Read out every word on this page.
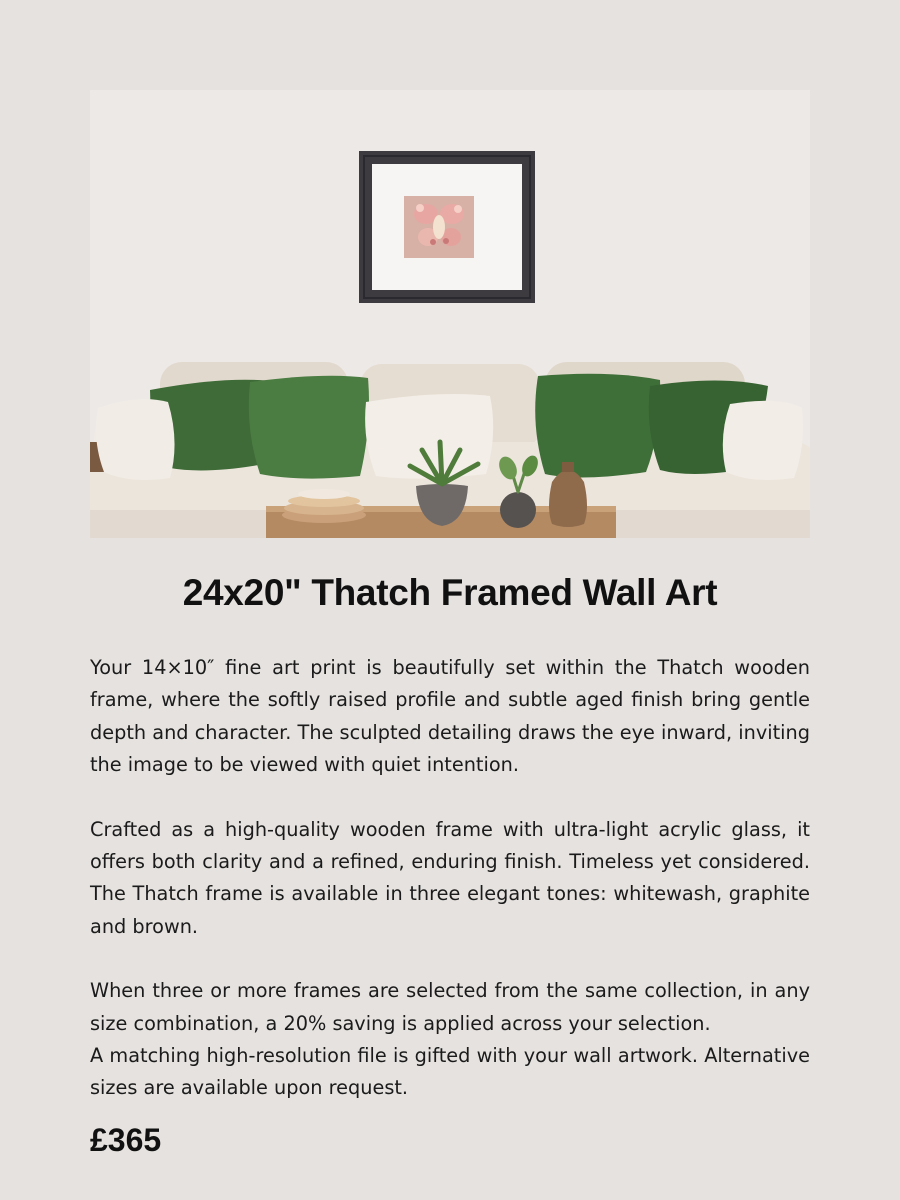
24x20" Thatch Framed Wall Art

Your 14×10″ fine art print is beautifully set within the Thatch wooden frame, where the softly raised profile and subtle aged finish bring gentle depth and character. The sculpted detailing draws the eye inward, inviting the image to be viewed with quiet intention.

Crafted as a high-quality wooden frame with ultra-light acrylic glass, it offers both clarity and a refined, enduring finish. Timeless yet considered. The Thatch frame is available in three elegant tones: whitewash, graphite and brown.

When three or more frames are selected from the same collection, in any size combination, a 20% saving is applied across your selection.

A matching high-resolution file is gifted with your wall artwork. Alternative sizes are available upon request.

£365
